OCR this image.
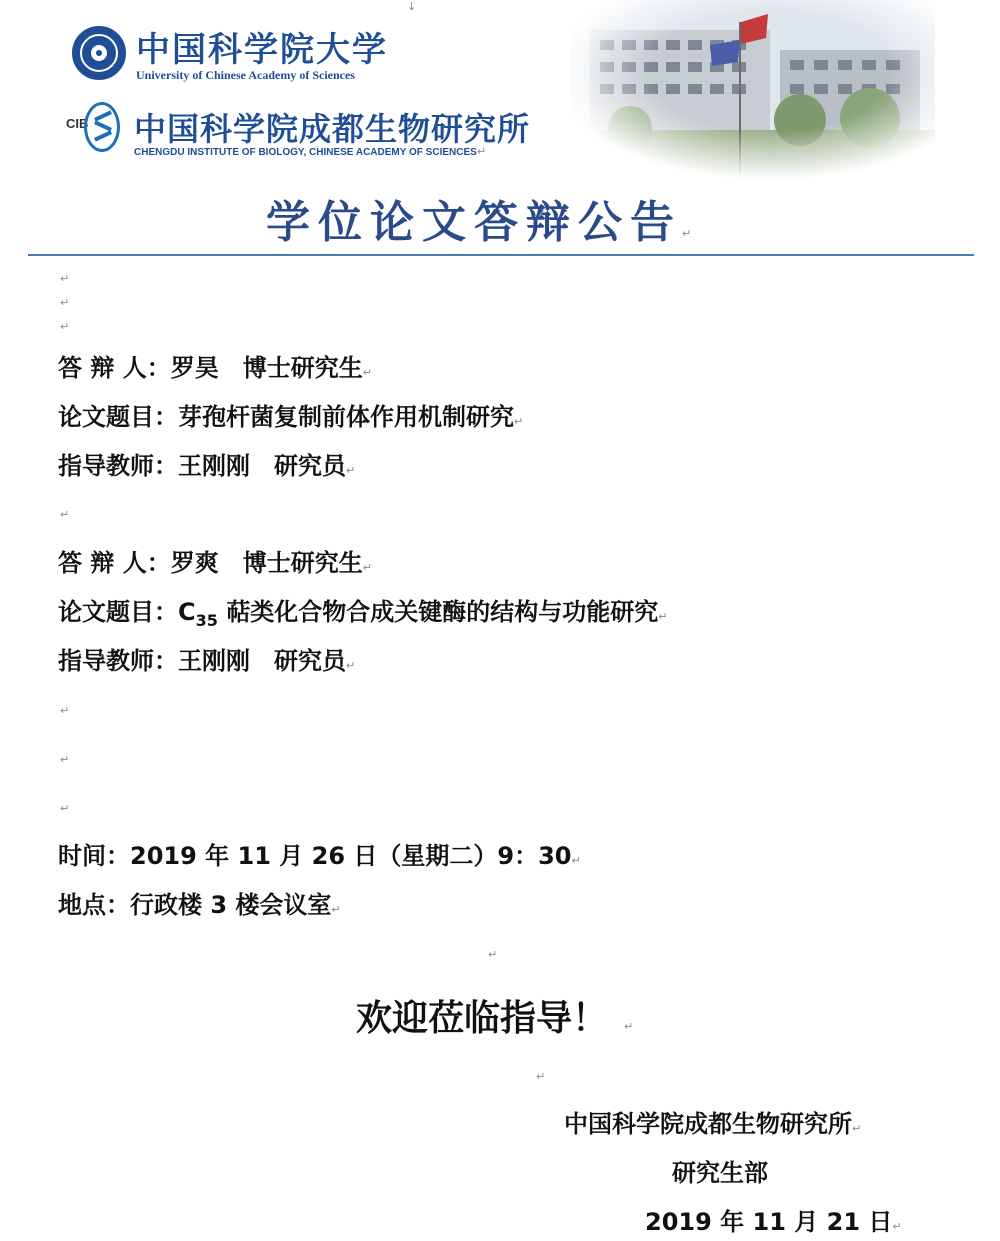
↓
中国科学院大学
University of Chinese Academy of Sciences
CIB 中国科学院成都生物研究所
CHENGDU INSTITUTE OF BIOLOGY, CHINESE ACADEMY OF SCIENCES↵
学位论文答辩公告↵
↵
↵
↵
答 辩 人：罗昊　博士研究生↵
论文题目：芽孢杆菌复制前体作用机制研究↵
指导教师：王刚刚　研究员↵
↵
答 辩 人：罗爽　博士研究生↵
论文题目：$C_{35}$ 萜类化合物合成关键酶的结构与功能研究↵
指导教师：王刚刚　研究员↵
↵
↵
↵
时间：2019 年 11 月 26 日（星期二）9：30↵
地点：行政楼 3 楼会议室↵
↵
欢迎莅临指导！ ↵
↵
中国科学院成都生物研究所↵
研究生部
2019 年 11 月 21 日↵
